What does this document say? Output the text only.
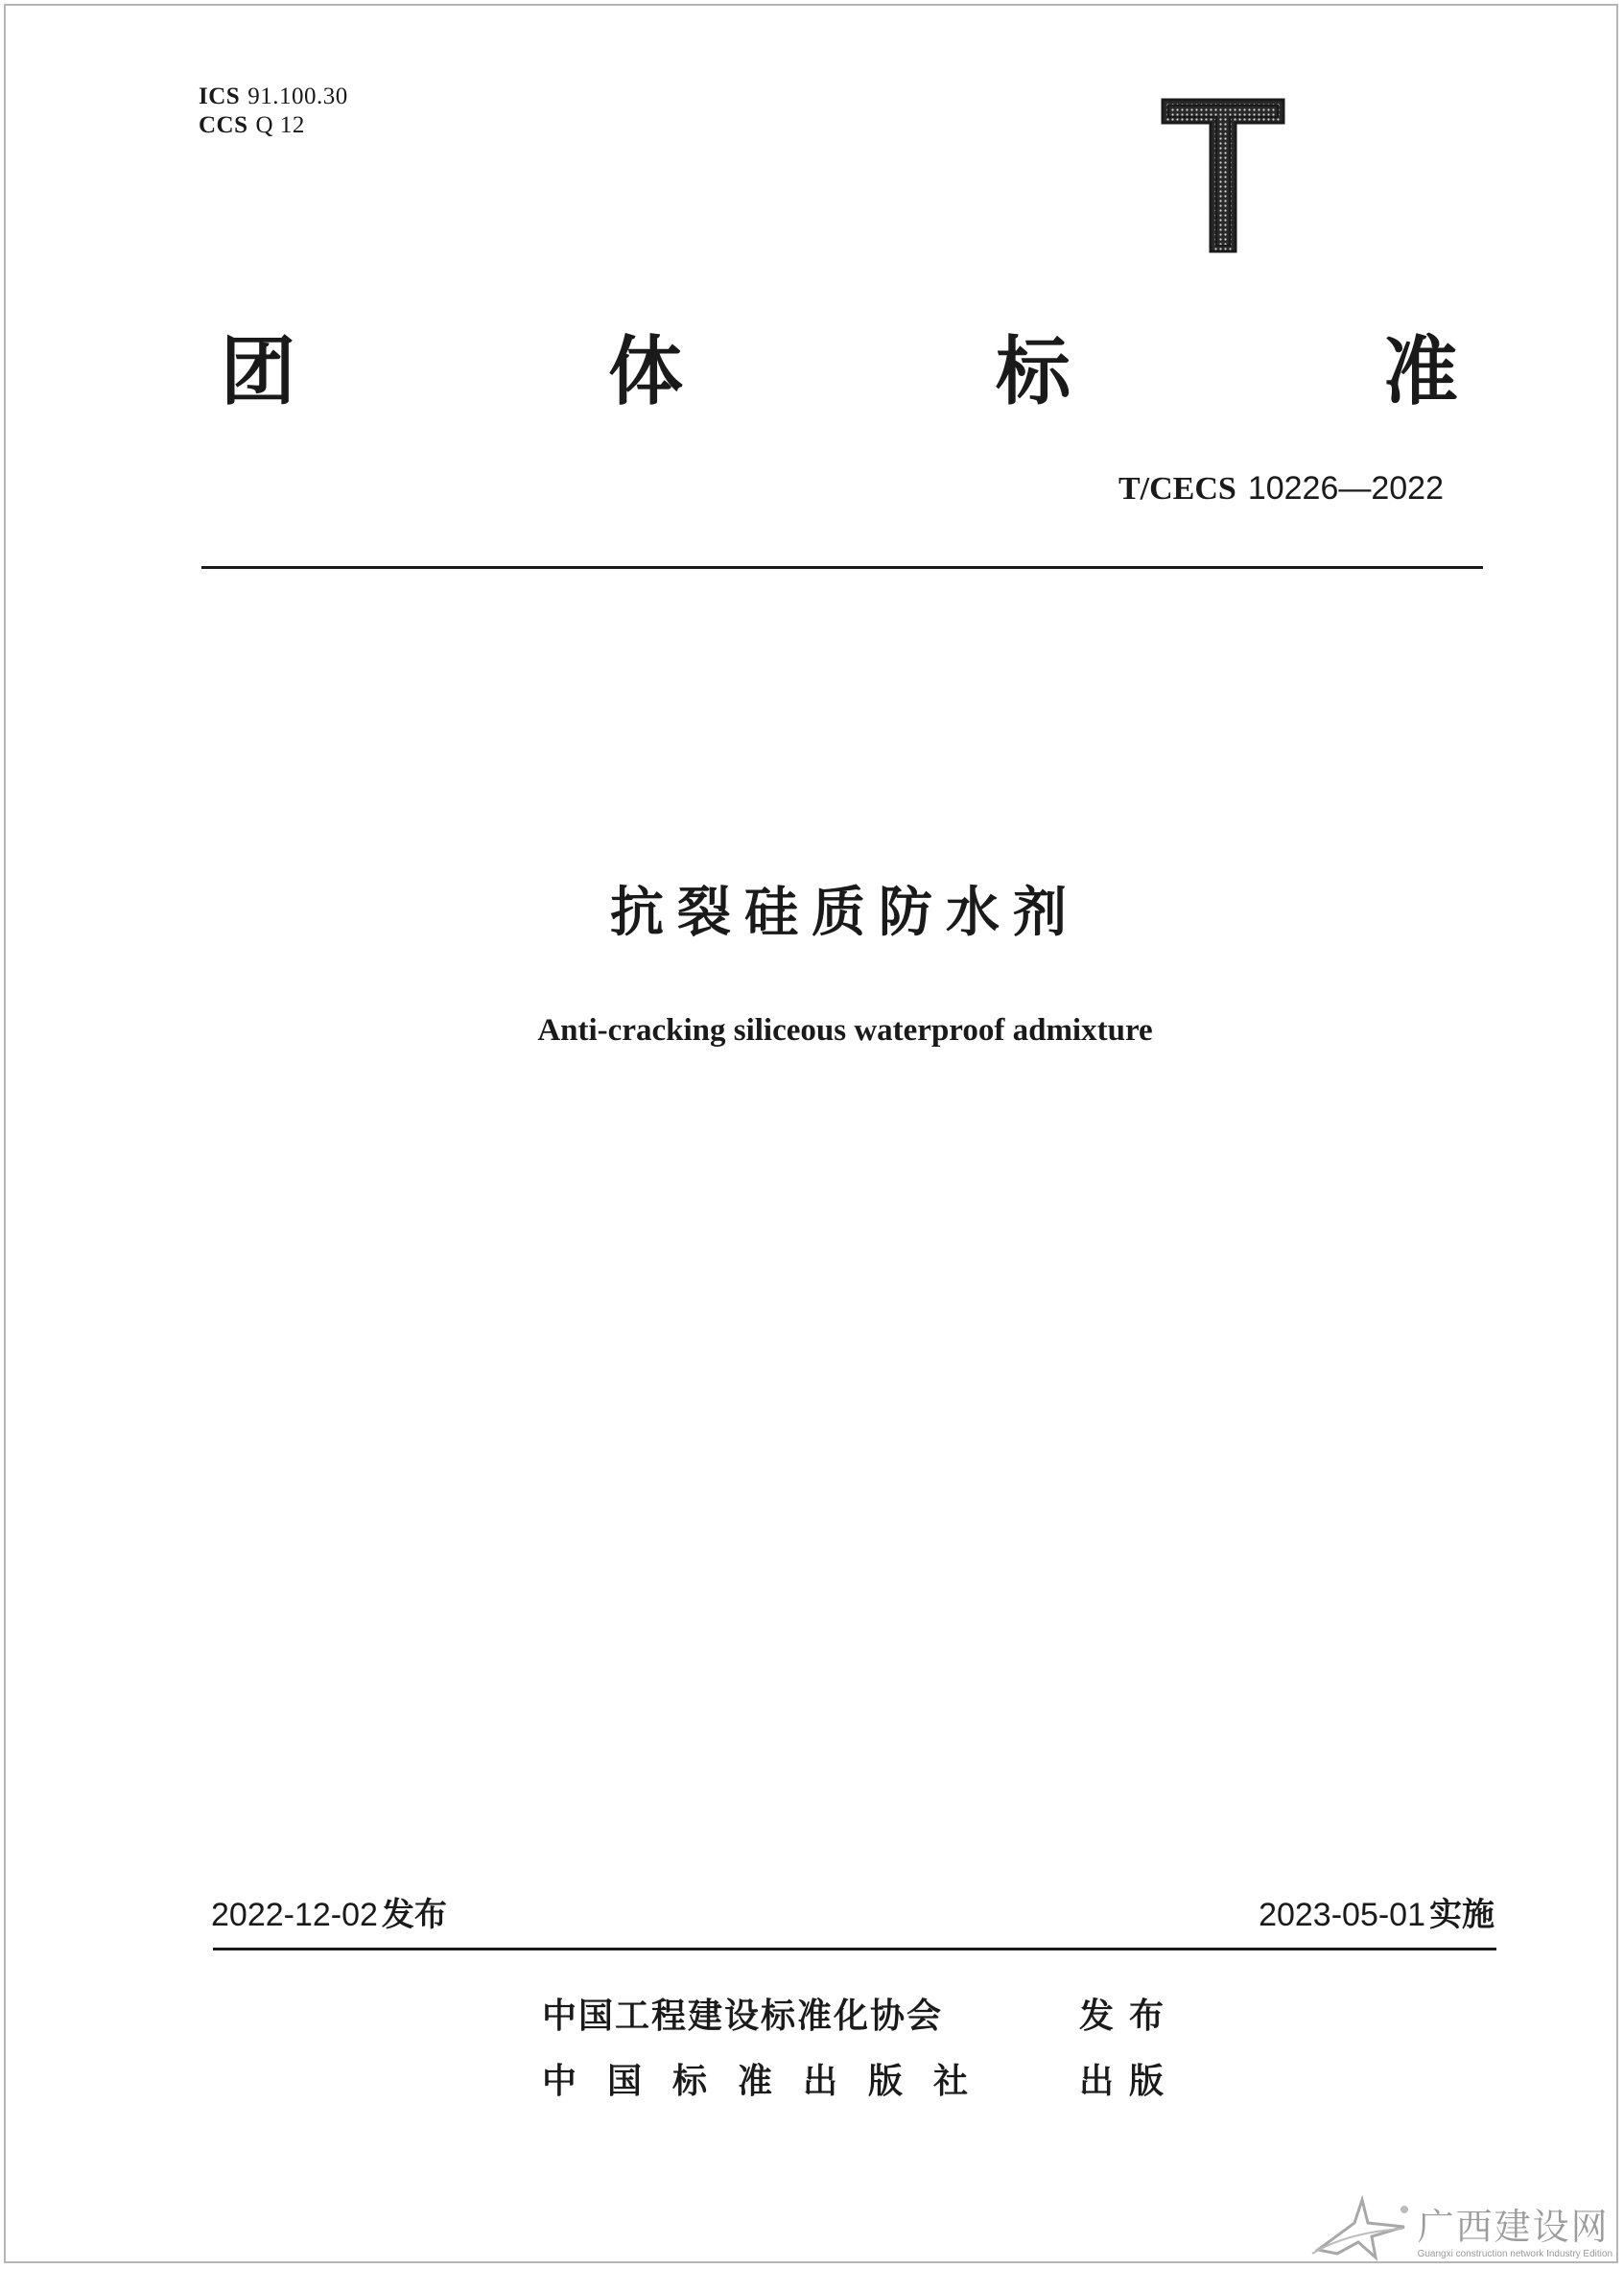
ICS 91.100.30
CCS Q 12
团	体	标	准
T/CECS 10226—2022
抗裂硅质防水剂
Anti-cracking siliceous waterproof admixture
2022-12-02 发布	2023-05-01 实施
中国工程建设标准化协会	发布
中国标准出版社	出版
广西建设网
Guangxi construction network Industry Edition
